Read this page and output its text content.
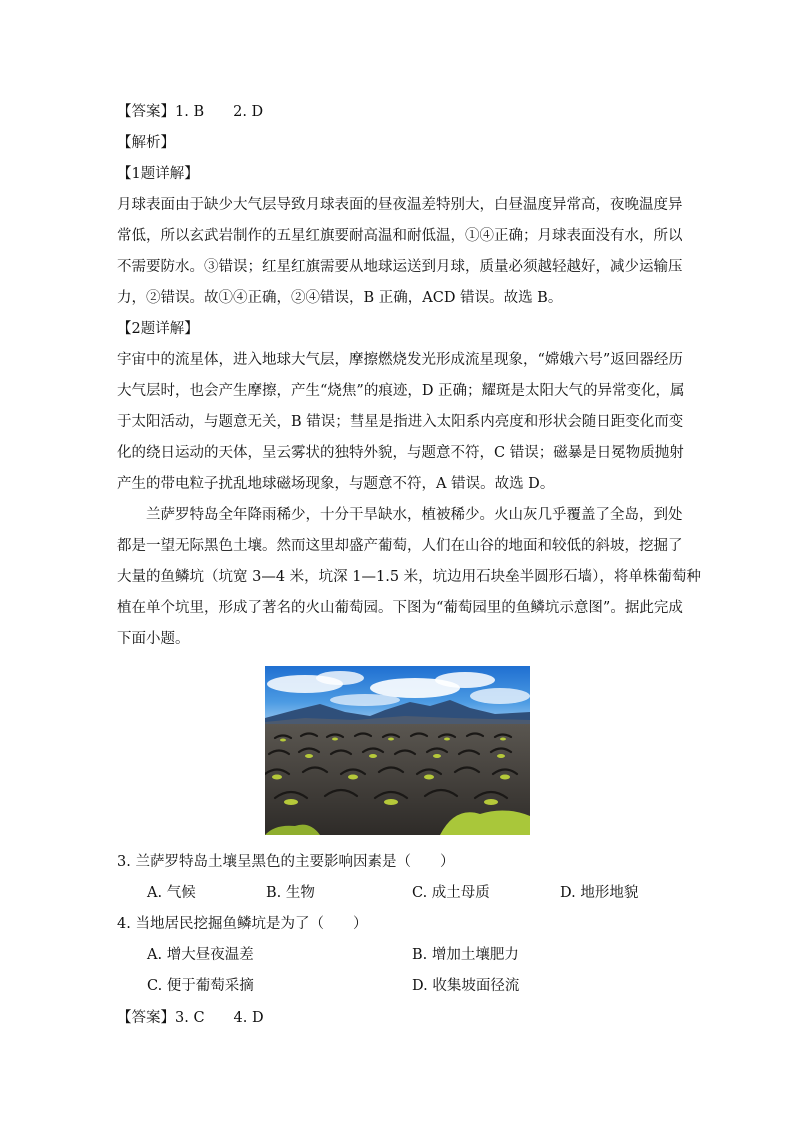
【答案】1. B　　2. D
【解析】
【1题详解】
月球表面由于缺少大气层导致月球表面的昼夜温差特别大，白昼温度异常高，夜晚温度异
常低，所以玄武岩制作的五星红旗要耐高温和耐低温，①④正确；月球表面没有水，所以
不需要防水。③错误；红星红旗需要从地球运送到月球，质量必须越轻越好，减少运输压
力，②错误。故①④正确，②④错误，B 正确，ACD 错误。故选 B。
【2题详解】
宇宙中的流星体，进入地球大气层，摩擦燃烧发光形成流星现象，“嫦娥六号”返回器经历
大气层时，也会产生摩擦，产生“烧焦”的痕迹，D 正确；耀斑是太阳大气的异常变化，属
于太阳活动，与题意无关，B 错误；彗星是指进入太阳系内亮度和形状会随日距变化而变
化的绕日运动的天体，呈云雾状的独特外貌，与题意不符，C 错误；磁暴是日冕物质抛射
产生的带电粒子扰乱地球磁场现象，与题意不符，A 错误。故选 D。
兰萨罗特岛全年降雨稀少，十分干旱缺水，植被稀少。火山灰几乎覆盖了全岛，到处
都是一望无际黑色土壤。然而这里却盛产葡萄，人们在山谷的地面和较低的斜坡，挖掘了
大量的鱼鳞坑（坑宽 3—4 米，坑深 1—1.5 米，坑边用石块垒半圆形石墙），将单株葡萄种
植在单个坑里，形成了著名的火山葡萄园。下图为“葡萄园里的鱼鳞坑示意图”。据此完成
下面小题。
3. 兰萨罗特岛土壤呈黑色的主要影响因素是（　　）
A. 气候	B. 生物	C. 成土母质	D. 地形地貌
4. 当地居民挖掘鱼鳞坑是为了（　　）
A. 增大昼夜温差	B. 增加土壤肥力
C. 便于葡萄采摘	D. 收集坡面径流
【答案】3. C　　4. D
